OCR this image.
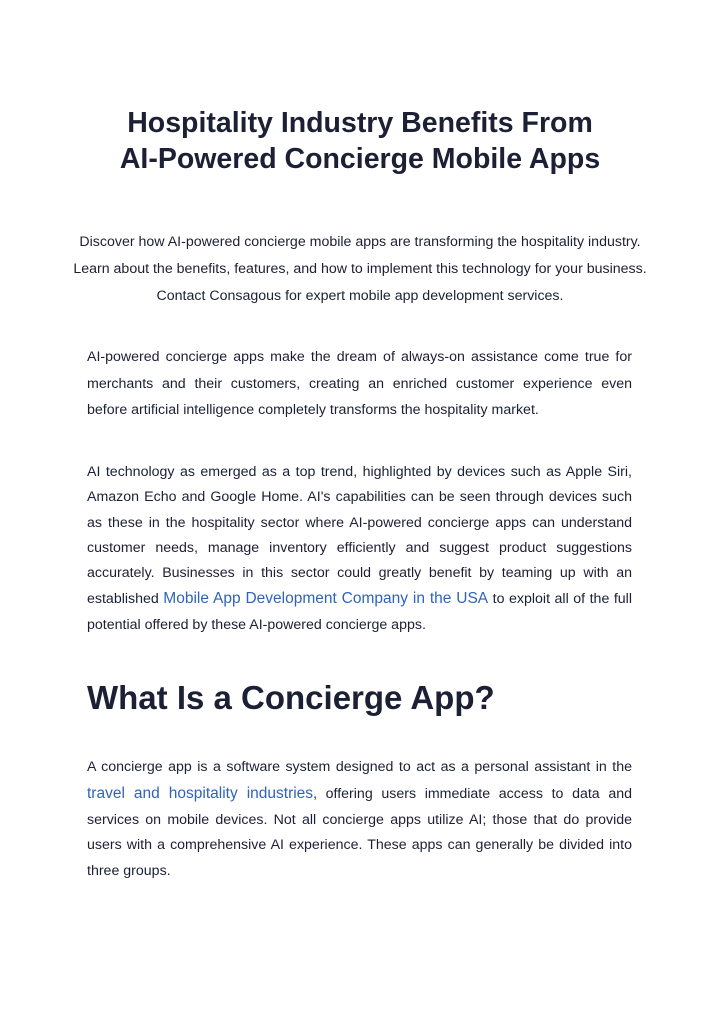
Hospitality Industry Benefits From
AI-Powered Concierge Mobile Apps

Discover how AI-powered concierge mobile apps are transforming the hospitality industry. Learn about the benefits, features, and how to implement this technology for your business. Contact Consagous for expert mobile app development services.

AI-powered concierge apps make the dream of always-on assistance come true for merchants and their customers, creating an enriched customer experience even before artificial intelligence completely transforms the hospitality market.

AI technology as emerged as a top trend, highlighted by devices such as Apple Siri, Amazon Echo and Google Home. AI's capabilities can be seen through devices such as these in the hospitality sector where AI-powered concierge apps can understand customer needs, manage inventory efficiently and suggest product suggestions accurately. Businesses in this sector could greatly benefit by teaming up with an established Mobile App Development Company in the USA to exploit all of the full potential offered by these AI-powered concierge apps.

What Is a Concierge App?

A concierge app is a software system designed to act as a personal assistant in the travel and hospitality industries, offering users immediate access to data and services on mobile devices. Not all concierge apps utilize AI; those that do provide users with a comprehensive AI experience. These apps can generally be divided into three groups.
